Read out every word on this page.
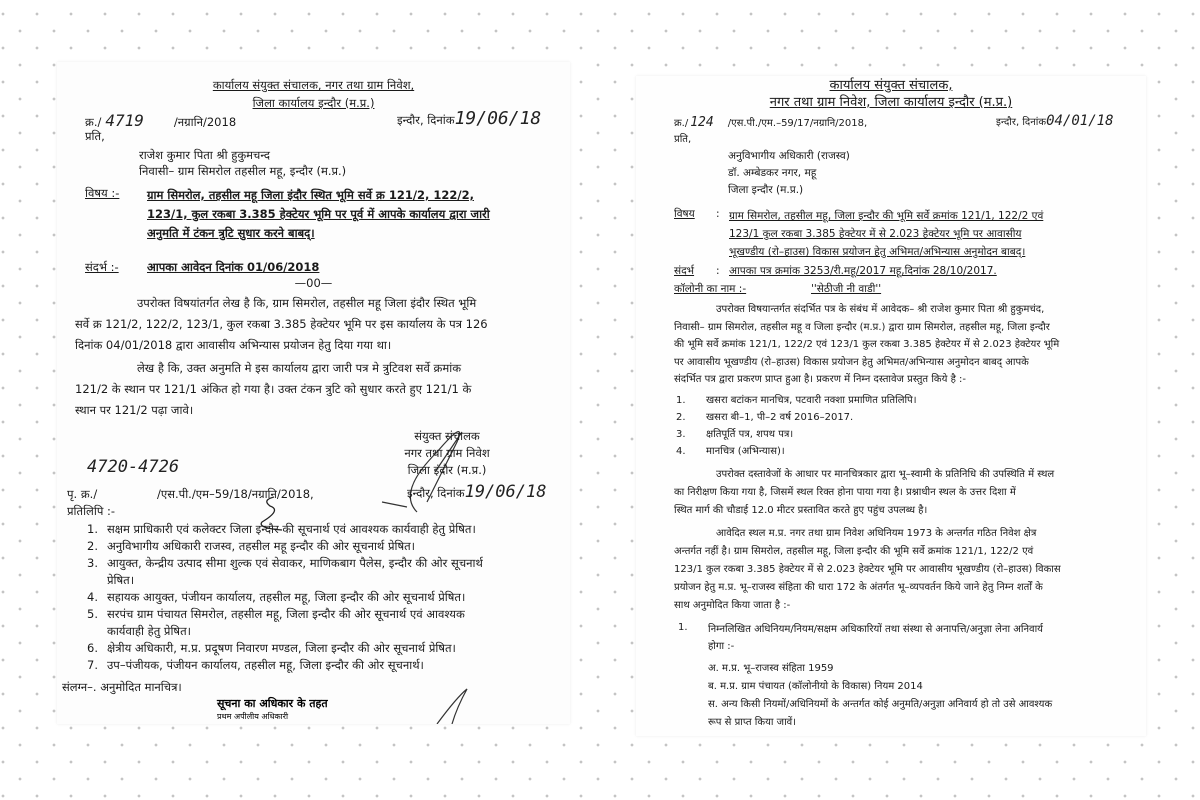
कार्यालय संयुक्त संचालक, नगर तथा ग्राम निवेश,
जिला कार्यालय इन्दौर (म.प्र.)
क्र./ 4719	/नग्रानि/2018	इन्दौर, दिनांक19/06/18
प्रति,
राजेश कुमार पिता श्री हुकुमचन्द
निवासी– ग्राम सिमरोल तहसील महू, इन्दौर (म.प्र.)
विषय :- ग्राम सिमरोल, तहसील महू जिला इंदौर स्थित भूमि सर्वे क्र 121/2, 122/2,
123/1, कुल रकबा 3.385 हेक्टेयर भूमि पर पूर्व में आपके कार्यालय द्वारा जारी
अनुमति में टंकन त्रुटि सुधार करने बाबद्।
संदर्भ :- आपका आवेदन दिनांक 01/06/2018
—00—
उपरोक्त विषयांतर्गत लेख है कि, ग्राम सिमरोल, तहसील महू जिला इंदौर स्थित भूमि
सर्वे क्र 121/2, 122/2, 123/1, कुल रकबा 3.385 हेक्टेयर भूमि पर इस कार्यालय के पत्र 126
दिनांक 04/01/2018 द्वारा आवासीय अभिन्यास प्रयोजन हेतु दिया गया था।
लेख है कि, उक्त अनुमति मे इस कार्यालय द्वारा जारी पत्र मे त्रुटिवश सर्वे क्रमांक
121/2 के स्थान पर 121/1 अंकित हो गया है। उक्त टंकन त्रुटि को सुधार करते हुए 121/1 के
स्थान पर 121/2 पढ़ा जावे।
संयुक्त संचालक
नगर तथा ग्राम निवेश
जिला इंदौर (म.प्र.)
4720-4726
पृ. क्र./	/एस.पी./एम–59/18/नग्रानि/2018,	इन्दौर, दिनांक19/06/18
प्रतिलिपि :-
1. सक्षम प्राधिकारी एवं कलेक्टर जिला इन्दौर की सूचनार्थ एवं आवश्यक कार्यवाही हेतु प्रेषित।
2. अनुविभागीय अधिकारी राजस्व, तहसील महू इन्दौर की ओर सूचनार्थ प्रेषित।
3. आयुक्त, केन्द्रीय उत्पाद सीमा शुल्क एवं सेवाकर, माणिकबाग पैलेस, इन्दौर की ओर सूचनार्थ
प्रेषित।
4. सहायक आयुक्त, पंजीयन कार्यालय, तहसील महू, जिला इन्दौर की ओर सूचनार्थ प्रेषित।
5. सरपंच ग्राम पंचायत सिमरोल, तहसील महू, जिला इन्दौर की ओर सूचनार्थ एवं आवश्यक
कार्यवाही हेतु प्रेषित।
6. क्षेत्रीय अधिकारी, म.प्र. प्रदूषण निवारण मण्डल, जिला इन्दौर की ओर सूचनार्थ प्रेषित।
7. उप–पंजीयक, पंजीयन कार्यालय, तहसील महू, जिला इन्दौर की ओर सूचनार्थ।
संलग्न–. अनुमोदित मानचित्र।
सूचना का अधिकार के तहत
प्रथम अपीलीय अधिकारी
कार्यालय संयुक्त संचालक,
नगर तथा ग्राम निवेश, जिला कार्यालय इन्दौर (म.प्र.)
क्र./ 124 /एस.पी./एम.–59/17/नग्रानि/2018,	इन्दौर, दिनांक04/01/18
प्रति,
अनुविभागीय अधिकारी (राजस्व)
डॉ. अम्बेडकर नगर, महू
जिला इन्दौर (म.प्र.)
विषय : ग्राम सिमरोल, तहसील महू, जिला इन्दौर की भूमि सर्वे क्रमांक 121/1, 122/2 एवं
123/1 कुल रकबा 3.385 हेक्टेयर में से 2.023 हेक्टेयर भूमि पर आवासीय
भूखण्डीय (रो–हाउस) विकास प्रयोजन हेतु अभिमत/अभिन्यास अनुमोदन बाबद्।
संदर्भ : आपका पत्र क्रमांक 3253/री.महू/2017 महू,दिनांक 28/10/2017.
कॉलोनी का नाम :-	''सेठीजी नी वाडी''
उपरोक्त विषयान्तर्गत संदर्भित पत्र के संबंध में आवेदक– श्री राजेश कुमार पिता श्री हुकुमचंद,
निवासी– ग्राम सिमरोल, तहसील महू व जिला इन्दौर (म.प्र.) द्वारा ग्राम सिमरोल, तहसील महू, जिला इन्दौर
की भूमि सर्वे क्रमांक 121/1, 122/2 एवं 123/1 कुल रकबा 3.385 हेक्टेयर में से 2.023 हेक्टेयर भूमि
पर आवासीय भूखण्डीय (रो–हाउस) विकास प्रयोजन हेतु अभिमत/अभिन्यास अनुमोदन बाबद् आपके
संदर्भित पत्र द्वारा प्रकरण प्राप्त हुआ है। प्रकरण में निम्न दस्तावेज प्रस्तुत किये है :-
1. खसरा बटांकन मानचित्र, पटवारी नक्शा प्रमाणित प्रतिलिपि।
2. खसरा बी–1, पी–2 वर्ष 2016–2017.
3. क्षतिपूर्ति पत्र, शपथ पत्र।
4. मानचित्र (अभिन्यास)।
उपरोक्त दस्तावेजों के आधार पर मानचित्रकार द्वारा भू–स्वामी के प्रतिनिधि की उपस्थिति में स्थल
का निरीक्षण किया गया है, जिसमें स्थल रिक्त होना पाया गया है। प्रश्नाधीन स्थल के उत्तर दिशा में
स्थित मार्ग की चौडाई 12.0 मीटर प्रस्तावित करते हुए पहुंच उपलब्ध है।
आवेदित स्थल म.प्र. नगर तथा ग्राम निवेश अधिनियम 1973 के अन्तर्गत गठित निवेश क्षेत्र
अन्तर्गत नहीं है। ग्राम सिमरोल, तहसील महू, जिला इन्दौर की भूमि सर्वे क्रमांक 121/1, 122/2 एवं
123/1 कुल रकबा 3.385 हेक्टेयर में से 2.023 हेक्टेयर भूमि पर आवासीय भूखण्डीय (रो–हाउस) विकास
प्रयोजन हेतु म.प्र. भू–राजस्व संहिता की धारा 172 के अंतर्गत भू–व्यपवर्तन किये जाने हेतु निम्न शर्तों के
साथ अनुमोदित किया जाता है :-
1. निम्नलिखित अधिनियम/नियम/सक्षम अधिकारियों तथा संस्था से अनापत्ति/अनुज्ञा लेना अनिवार्य
होगा :-
अ. म.प्र. भू–राजस्व संहिता 1959
ब. म.प्र. ग्राम पंचायत (कॉलोनीयो के विकास) नियम 2014
स. अन्य किसी नियमों/अधिनियमों के अन्तर्गत कोई अनुमति/अनुज्ञा अनिवार्य हो तो उसे आवश्यक
रूप से प्राप्त किया जावें।
